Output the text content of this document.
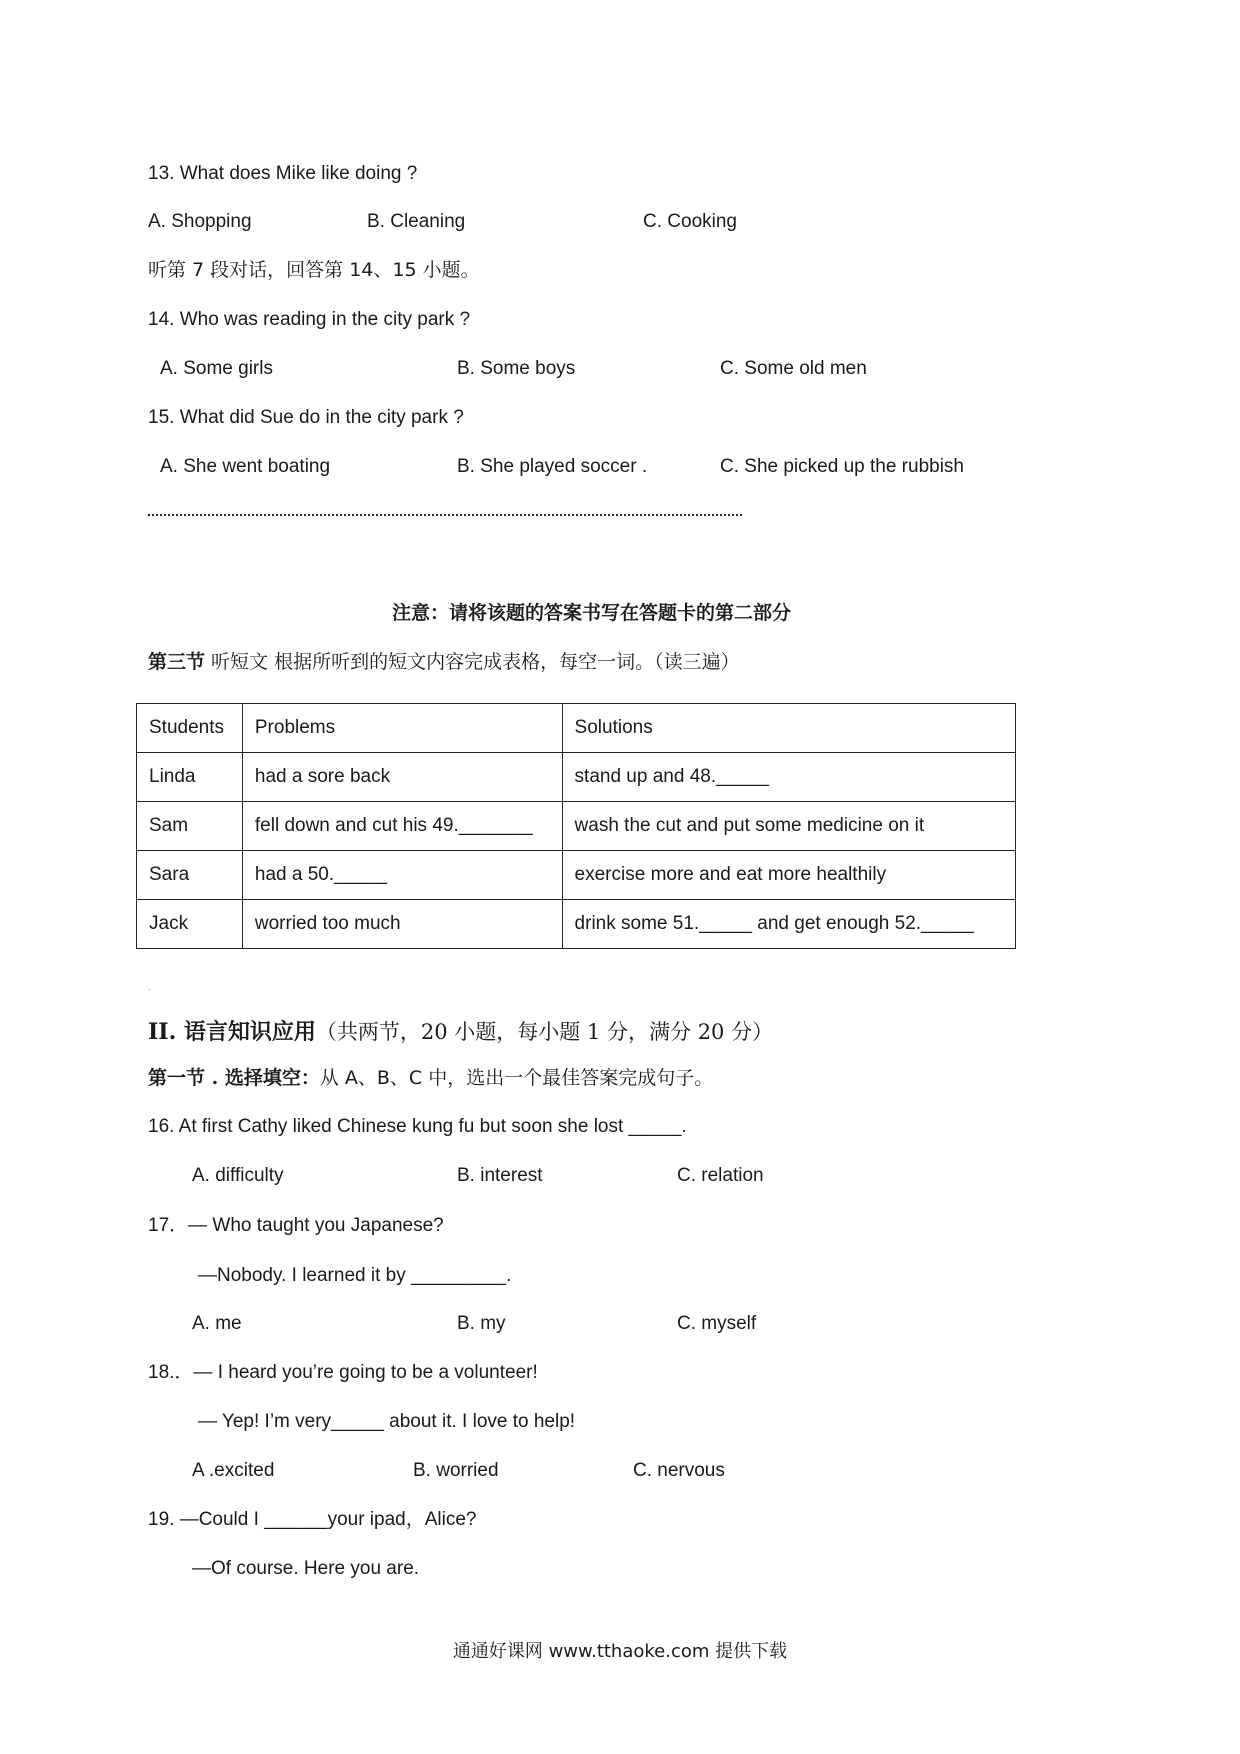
13. What does Mike like doing ?
A. Shopping	B. Cleaning	C. Cooking
听第 7 段对话，回答第 14、15 小题。
14. Who was reading in the city park ?
A. Some girls	B. Some boys	C. Some old men
15. What did Sue do in the city park ?
A. She went boating	B. She played soccer .	C. She picked up the rubbish
注意：请将该题的答案书写在答题卡的第二部分
第三节 听短文 根据所听到的短文内容完成表格，每空一词。（读三遍）
Students	Problems	Solutions
Linda	had a sore back	stand up and 48._____
Sam	fell down and cut his 49._______	wash the cut and put some medicine on it
Sara	had a 50._____	exercise more and eat more healthily
Jack	worried too much	drink some 51._____ and get enough 52._____
.
II. 语言知识应用（共两节，20 小题，每小题 1 分，满分 20 分）
第一节 . 选择填空：从 A、B、C 中，选出一个最佳答案完成句子。
16. At first Cathy liked Chinese kung fu but soon she lost _____.
A. difficulty	B. interest	C. relation
17．— Who taught you Japanese?
—Nobody. I learned it by _________.
A. me	B. my	C. myself
18.．— I heard you’re going to be a volunteer!
— Yep! I’m very_____ about it. I love to help!
A .excited	B. worried	C. nervous
19. —Could I ______your ipad，Alice?
—Of course. Here you are.
通通好课网 www.tthaoke.com 提供下载
